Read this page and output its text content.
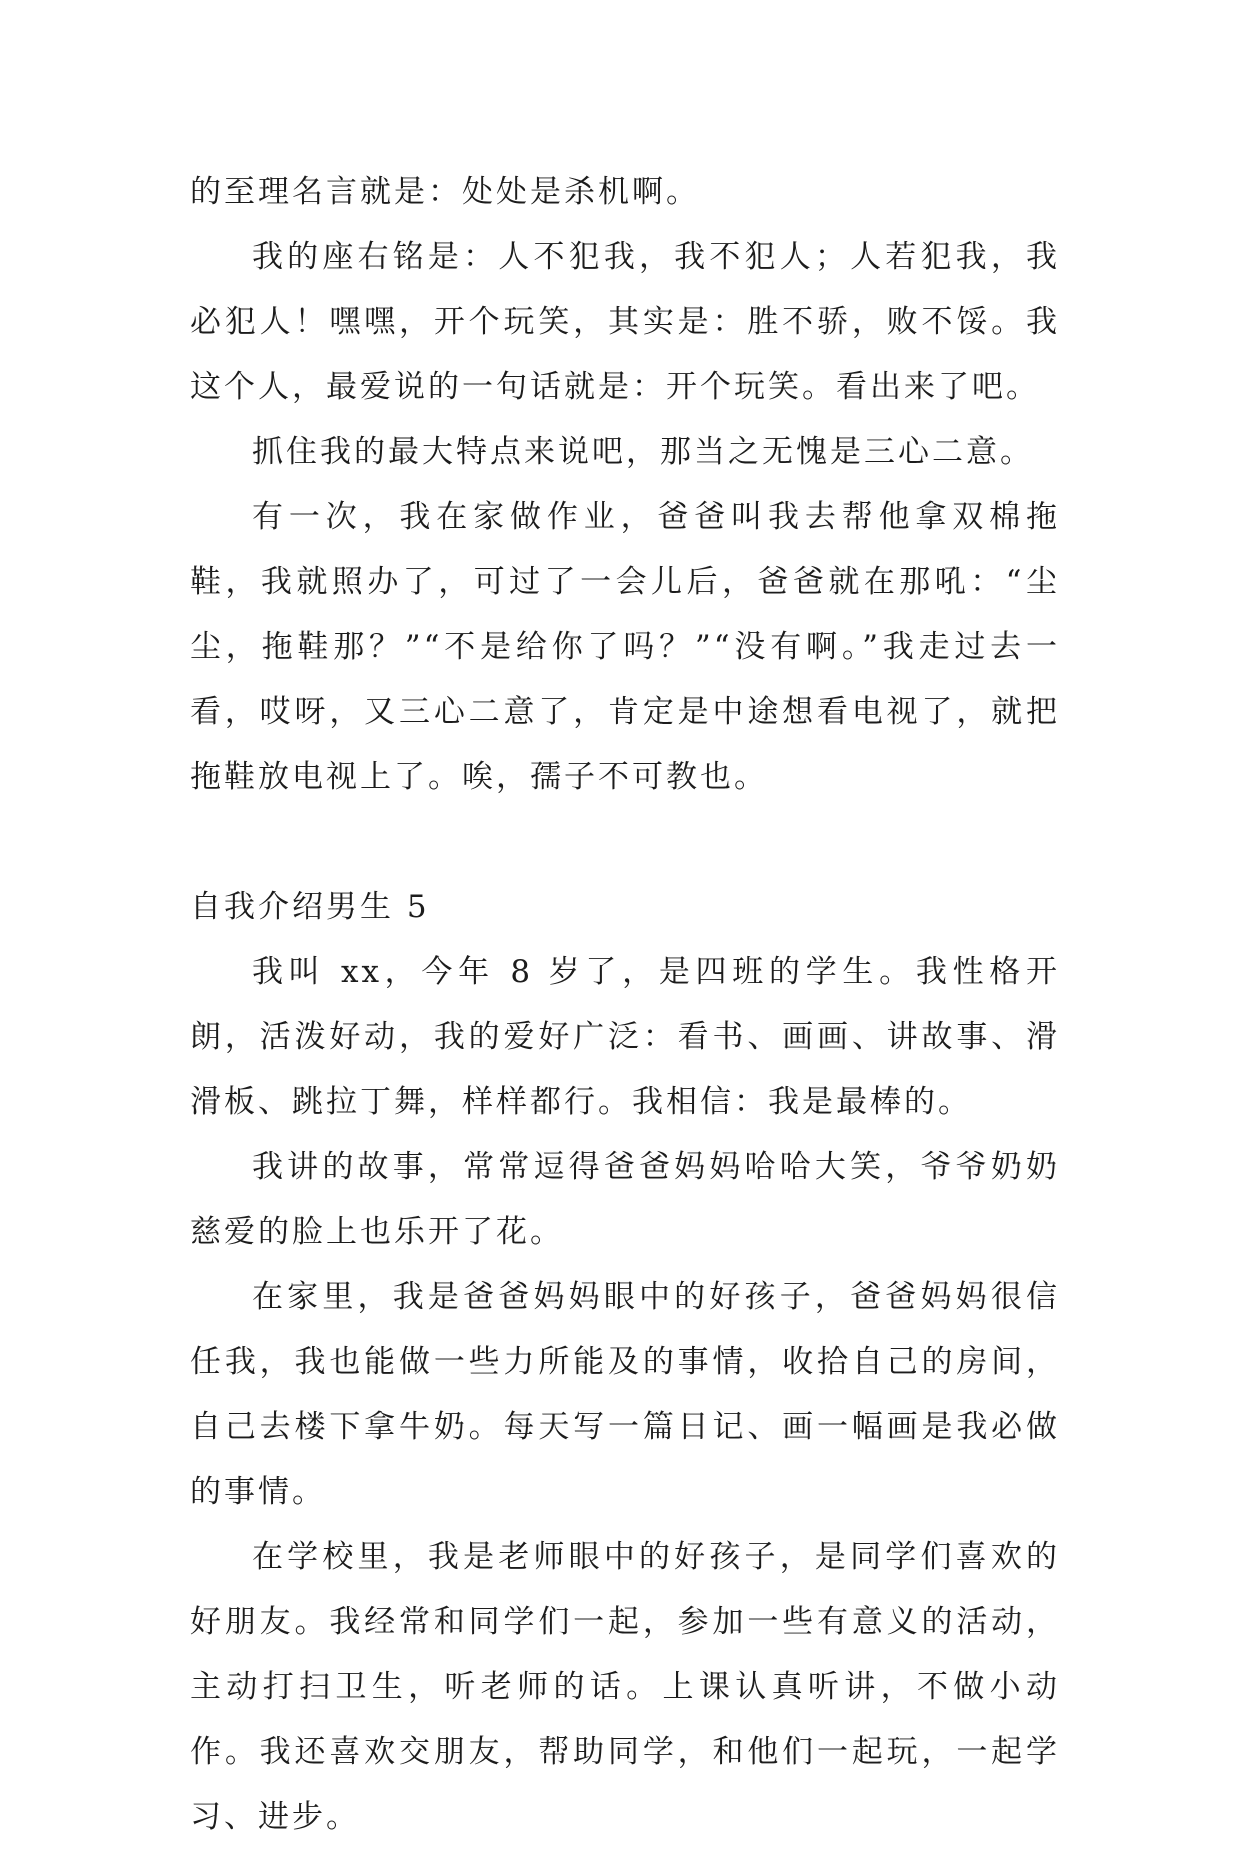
的至理名言就是：处处是杀机啊。

我的座右铭是：人不犯我，我不犯人；人若犯我，我必犯人！嘿嘿，开个玩笑，其实是：胜不骄，败不馁。我这个人，最爱说的一句话就是：开个玩笑。看出来了吧。

抓住我的最大特点来说吧，那当之无愧是三心二意。

有一次，我在家做作业，爸爸叫我去帮他拿双棉拖鞋，我就照办了，可过了一会儿后，爸爸就在那吼：“尘尘，拖鞋那？”“不是给你了吗？”“没有啊。”我走过去一看，哎呀，又三心二意了，肯定是中途想看电视了，就把拖鞋放电视上了。唉，孺子不可教也。

自我介绍男生 5

我叫 xx，今年 8 岁了，是四班的学生。我性格开朗，活泼好动，我的爱好广泛：看书、画画、讲故事、滑滑板、跳拉丁舞，样样都行。我相信：我是最棒的。

我讲的故事，常常逗得爸爸妈妈哈哈大笑，爷爷奶奶慈爱的脸上也乐开了花。

在家里，我是爸爸妈妈眼中的好孩子，爸爸妈妈很信任我，我也能做一些力所能及的事情，收拾自己的房间，自己去楼下拿牛奶。每天写一篇日记、画一幅画是我必做的事情。

在学校里，我是老师眼中的好孩子，是同学们喜欢的好朋友。我经常和同学们一起，参加一些有意义的活动，主动打扫卫生，听老师的话。上课认真听讲，不做小动作。我还喜欢交朋友，帮助同学，和他们一起玩，一起学习、进步。
